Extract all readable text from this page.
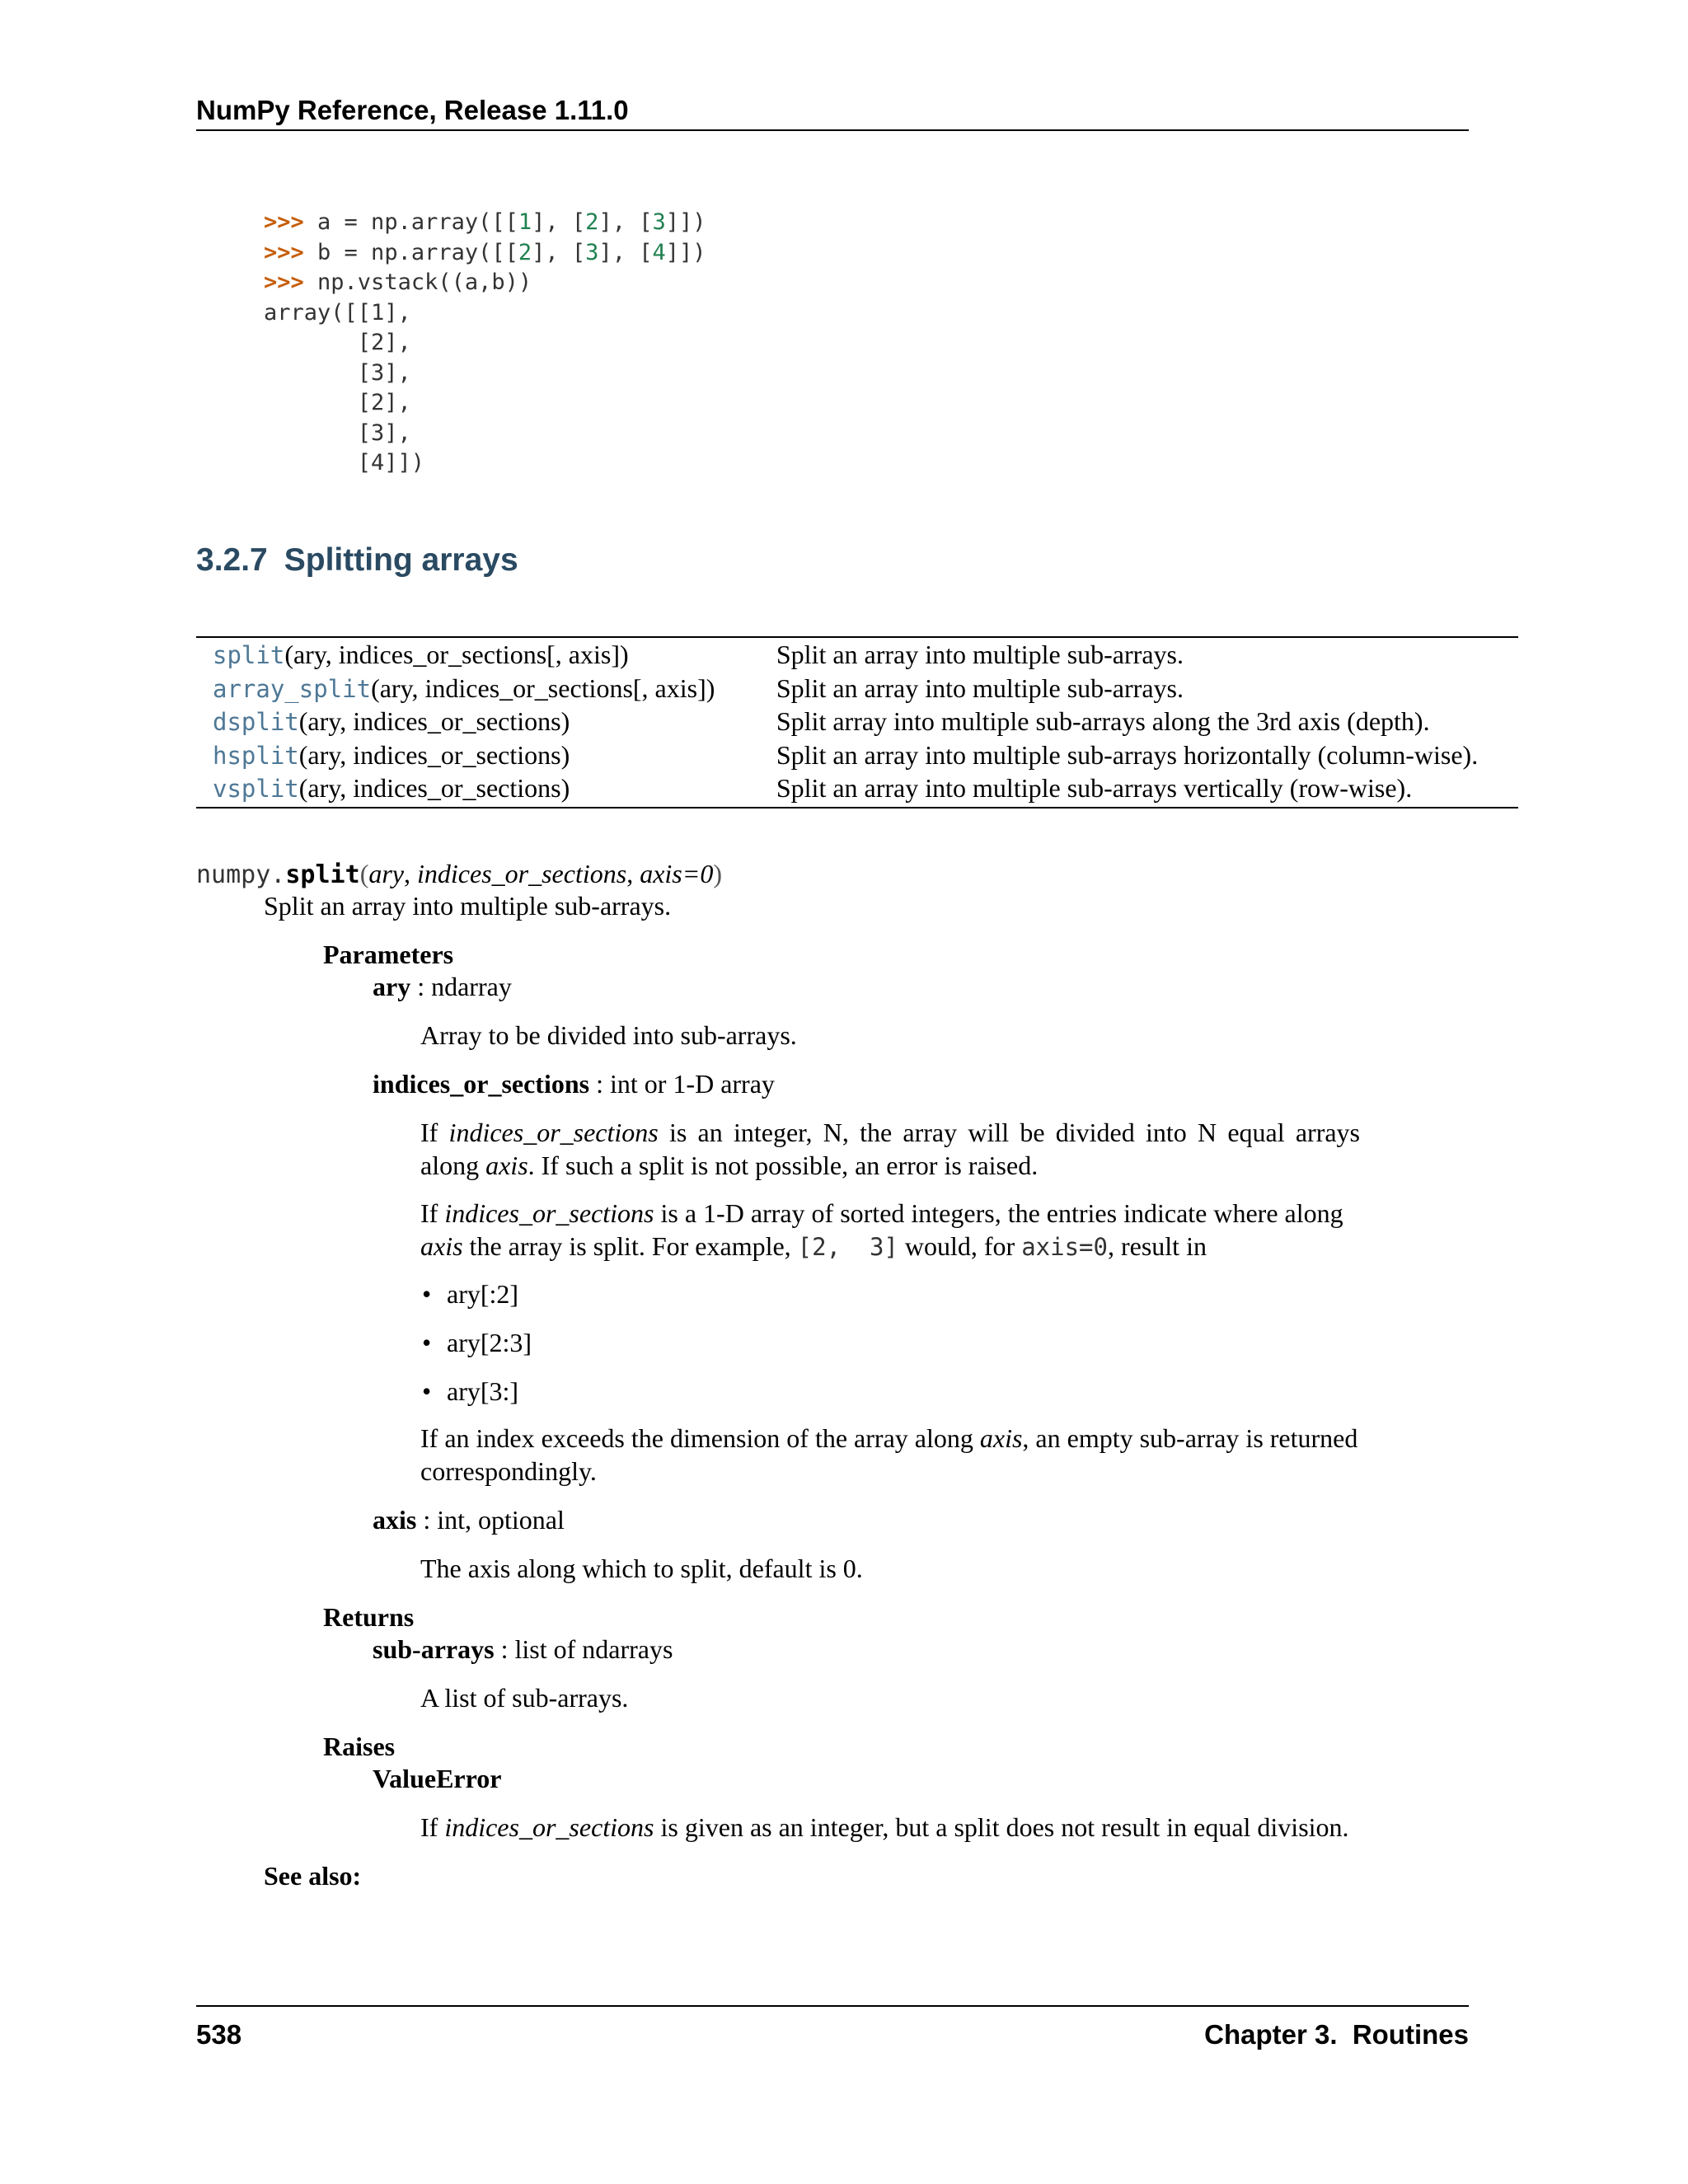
NumPy Reference, Release 1.11.0

>>> a = np.array([[1], [2], [3]])
>>> b = np.array([[2], [3], [4]])
>>> np.vstack((a,b))
array([[1],
[2],
[3],
[2],
[3],
[4]])
3.2.7 Splitting arrays
split(ary, indices_or_sections[, axis])	Split an array into multiple sub-arrays.
array_split(ary, indices_or_sections[, axis])	Split an array into multiple sub-arrays.
dsplit(ary, indices_or_sections)	Split array into multiple sub-arrays along the 3rd axis (depth).
hsplit(ary, indices_or_sections)	Split an array into multiple sub-arrays horizontally (column-wise).
vsplit(ary, indices_or_sections)	Split an array into multiple sub-arrays vertically (row-wise).
numpy.split(ary, indices_or_sections, axis=0)
Split an array into multiple sub-arrays.
Parameters
ary : ndarray
Array to be divided into sub-arrays.
indices_or_sections : int or 1-D array
If indices_or_sections is an integer, N, the array will be divided into N equal arrays along axis. If such a split is not possible, an error is raised.
If indices_or_sections is a 1-D array of sorted integers, the entries indicate where along axis the array is split. For example, [2,  3] would, for axis=0, result in
• ary[:2]
• ary[2:3]
• ary[3:]
If an index exceeds the dimension of the array along axis, an empty sub-array is returned correspondingly.
axis : int, optional
The axis along which to split, default is 0.
Returns
sub-arrays : list of ndarrays
A list of sub-arrays.
Raises
ValueError
If indices_or_sections is given as an integer, but a split does not result in equal division.
See also:
538	Chapter 3.  Routines
